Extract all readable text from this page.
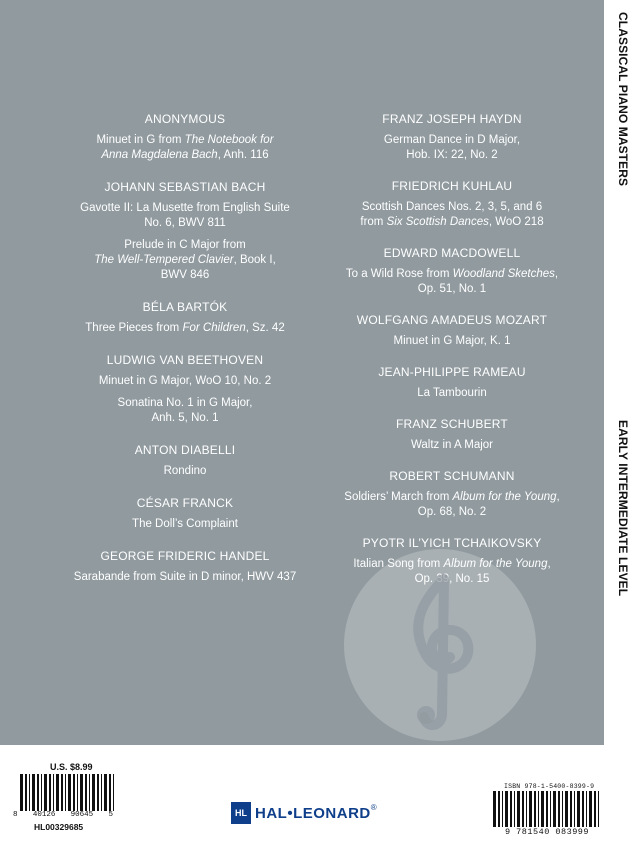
ANONYMOUS
Minuet in G from The Notebook for
Anna Magdalena Bach, Anh. 116
JOHANN SEBASTIAN BACH
Gavotte II: La Musette from English Suite
No. 6, BWV 811
Prelude in C Major from
The Well-Tempered Clavier, Book I,
BWV 846
BÉLA BARTÓK
Three Pieces from For Children, Sz. 42
LUDWIG VAN BEETHOVEN
Minuet in G Major, WoO 10, No. 2
Sonatina No. 1 in G Major,
Anh. 5, No. 1
ANTON DIABELLI
Rondino
CÉSAR FRANCK
The Doll’s Complaint
GEORGE FRIDERIC HANDEL
Sarabande from Suite in D minor, HWV 437
FRANZ JOSEPH HAYDN
German Dance in D Major,
Hob. IX: 22, No. 2
FRIEDRICH KUHLAU
Scottish Dances Nos. 2, 3, 5, and 6
from Six Scottish Dances, WoO 218
EDWARD MACDOWELL
To a Wild Rose from Woodland Sketches,
Op. 51, No. 1
WOLFGANG AMADEUS MOZART
Minuet in G Major, K. 1
JEAN-PHILIPPE RAMEAU
La Tambourin
FRANZ SCHUBERT
Waltz in A Major
ROBERT SCHUMANN
Soldiers’ March from Album for the Young,
Op. 68, No. 2
PYOTR IL’YICH TCHAIKOVSKY
Italian Song from Album for the Young,
Op. 39, No. 15
CLASSICAL PIANO MASTERS
EARLY INTERMEDIATE LEVEL
U.S. $8.99
8 40126 90645 5
HL00329685
HL HAL•LEONARD ®
ISBN 978-1-5400-8399-9
9 781540 083999
